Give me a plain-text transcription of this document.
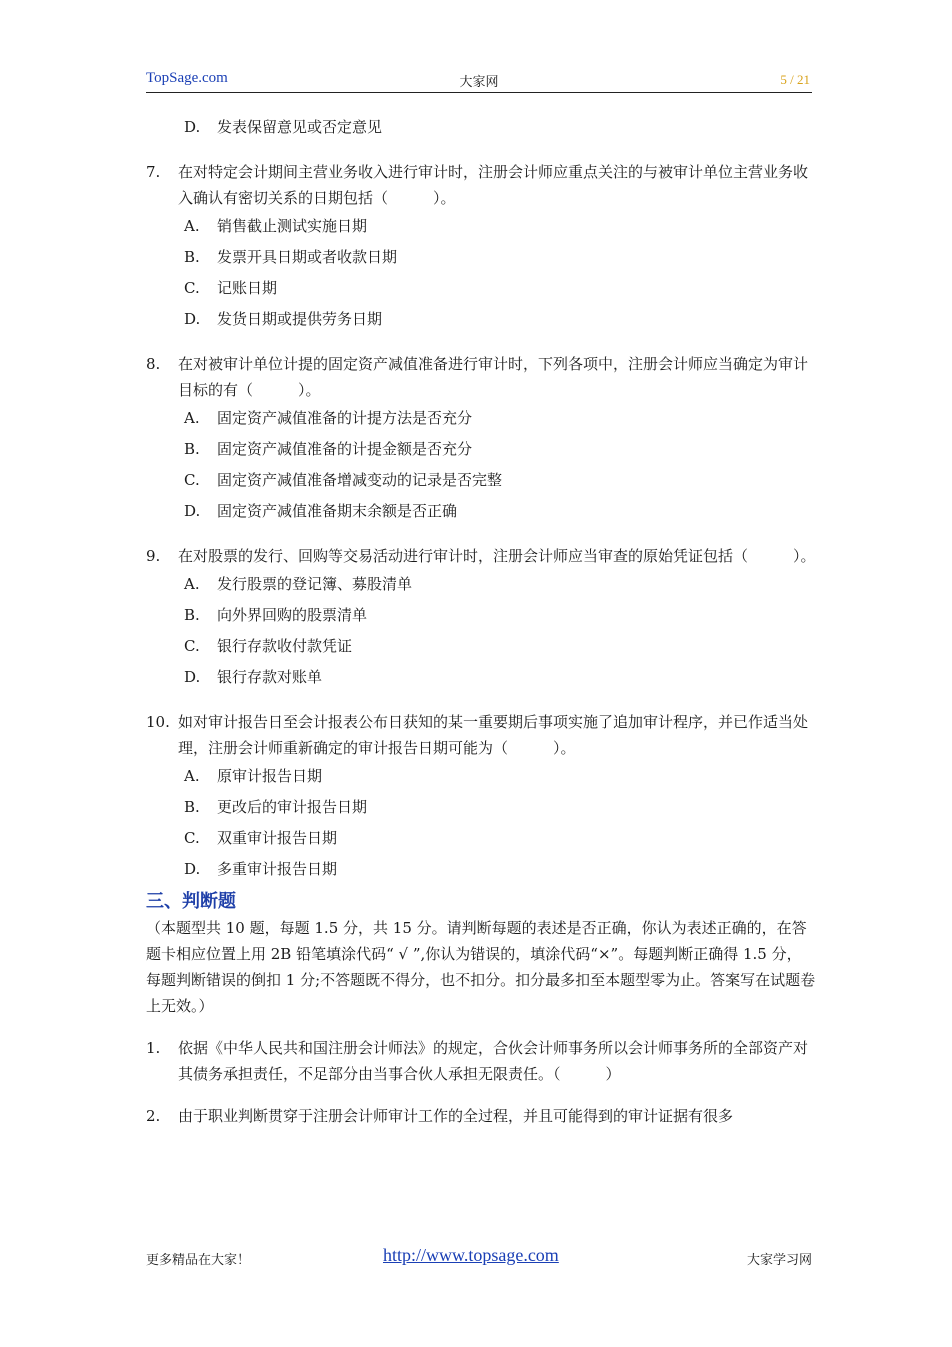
TopSage.com	大家网	5 / 21
D.	发表保留意见或否定意见
7.	在对特定会计期间主营业务收入进行审计时，注册会计师应重点关注的与被审计单位主营业务收入确认有密切关系的日期包括（　　　）。
A.	销售截止测试实施日期
B.	发票开具日期或者收款日期
C.	记账日期
D.	发货日期或提供劳务日期
8.	在对被审计单位计提的固定资产减值准备进行审计时，下列各项中，注册会计师应当确定为审计目标的有（　　　）。
A.	固定资产减值准备的计提方法是否充分
B.	固定资产减值准备的计提金额是否充分
C.	固定资产减值准备增减变动的记录是否完整
D.	固定资产减值准备期末余额是否正确
9.	在对股票的发行、回购等交易活动进行审计时，注册会计师应当审查的原始凭证包括（　　　）。
A.	发行股票的登记簿、募股清单
B.	向外界回购的股票清单
C.	银行存款收付款凭证
D.	银行存款对账单
10. 如对审计报告日至会计报表公布日获知的某一重要期后事项实施了追加审计程序，并已作适当处理，注册会计师重新确定的审计报告日期可能为（　　　）。
A.	原审计报告日期
B.	更改后的审计报告日期
C.	双重审计报告日期
D.	多重审计报告日期
三、判断题
（本题型共 10 题，每题 1.5 分，共 15 分。请判断每题的表述是否正确，你认为表述正确的，在答题卡相应位置上用 2B 铅笔填涂代码“ √ ”,你认为错误的，填涂代码“×”。每题判断正确得 1.5 分，每题判断错误的倒扣 1 分;不答题既不得分，也不扣分。扣分最多扣至本题型零为止。答案写在试题卷上无效。）
1.	依据《中华人民共和国注册会计师法》的规定，合伙会计师事务所以会计师事务所的全部资产对其债务承担责任，不足部分由当事合伙人承担无限责任。（　　　）
2.	由于职业判断贯穿于注册会计师审计工作的全过程，并且可能得到的审计证据有很多
更多精品在大家！	http://www.topsage.com	大家学习网
